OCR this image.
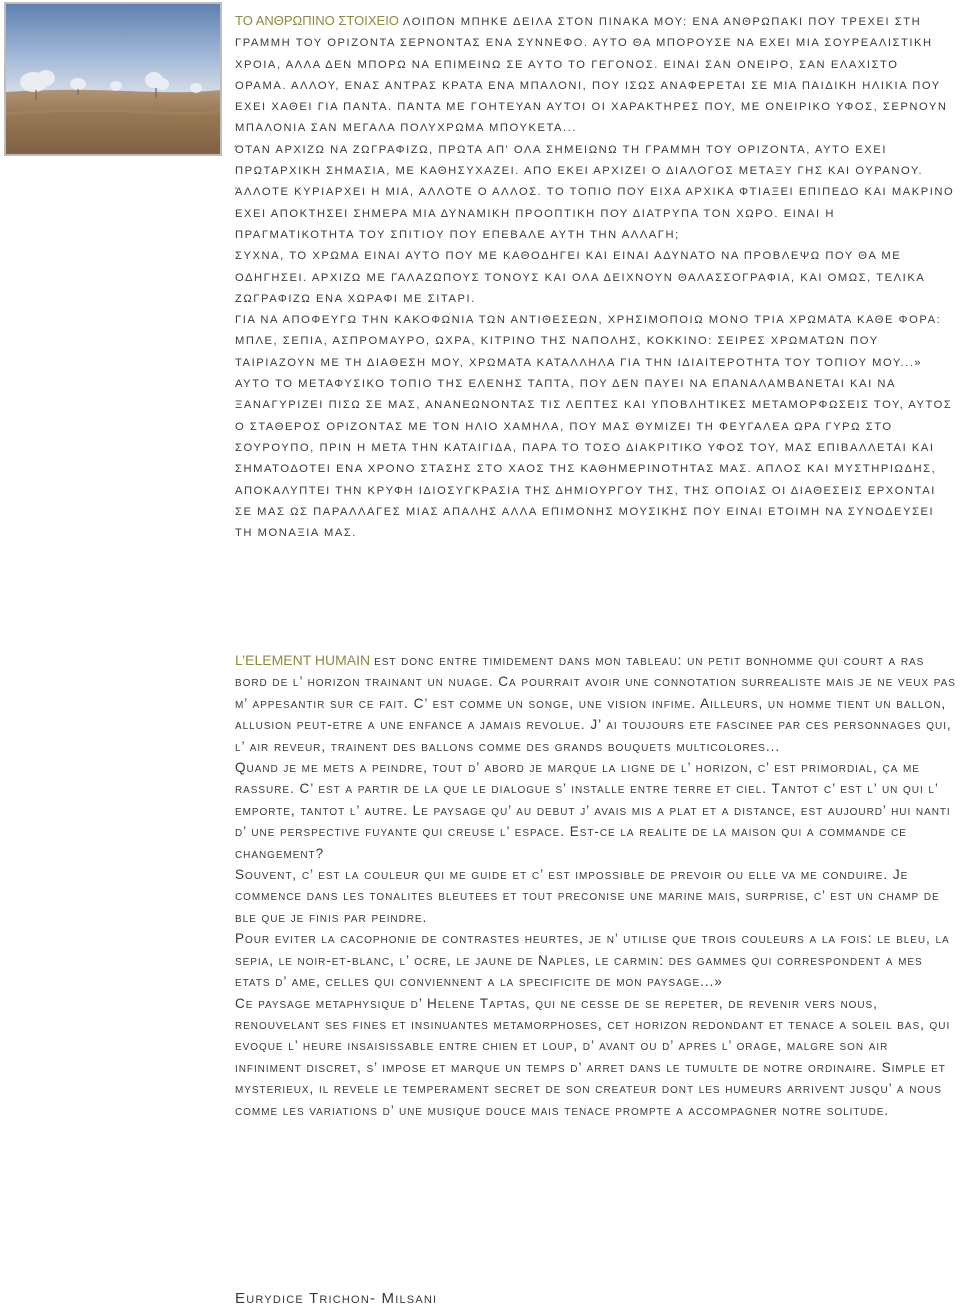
ΤΟ ΑΝΘΡΩΠΙΝΟ ΣΤΟΙΧΕΙΟ ΛΟΙΠΟΝ ΜΠΗΚΕ ΔΕΙΛΑ ΣΤΟΝ ΠΙΝΑΚΑ ΜΟΥ: ΕΝΑ ΑΝΘΡΩΠΑΚΙ ΠΟΥ ΤΡΕΧΕΙ ΣΤΗ ΓΡΑΜΜΗ ΤΟΥ ΟΡΙΖΟΝΤΑ ΣΕΡΝΟΝΤΑΣ ΕΝΑ ΣΥΝΝΕΦΟ. ΑΥΤΟ ΘΑ ΜΠΟΡΟΥΣΕ ΝΑ ΕΧΕΙ ΜΙΑ ΣΟΥΡΕΑΛΙΣΤΙΚΗ ΧΡΟΙΑ, ΑΛΛΑ ΔΕΝ ΜΠΟΡΩ ΝΑ ΕΠΙΜΕΙΝΩ ΣΕ ΑΥΤΟ ΤΟ ΓΕΓΟΝΟΣ. ΕΙΝΑΙ ΣΑΝ ΟΝΕΙΡΟ, ΣΑΝ ΕΛΑΧΙΣΤΟ ΟΡΑΜΑ. ΑΛΛΟΥ, ΕΝΑΣ ΑΝΤΡΑΣ ΚΡΑΤΑ ΕΝΑ ΜΠΑΛΟΝΙ, ΠΟΥ ΙΣΩΣ ΑΝΑΦΕΡΕΤΑΙ ΣΕ ΜΙΑ ΠΑΙΔΙΚΗ ΗΛΙΚΙΑ ΠΟΥ ΕΧΕΙ ΧΑΘΕΙ ΓΙΑ ΠΑΝΤΑ. ΠΑΝΤΑ ΜΕ ΓΟΗΤΕΥΑΝ ΑΥΤΟΙ ΟΙ ΧΑΡΑΚΤΗΡΕΣ ΠΟΥ, ΜΕ ΟΝΕΙΡΙΚΟ ΥΦΟΣ, ΣΕΡΝΟΥΝ ΜΠΑΛΟΝΙΑ ΣΑΝ ΜΕΓΑΛΑ ΠΟΛΥΧΡΩΜΑ ΜΠΟΥΚΕΤΑ...

ΌΤΑΝ ΑΡΧΙΖΩ ΝΑ ΖΩΓΡΑΦΙΖΩ, ΠΡΩΤΑ ΑΠ' ΟΛΑ ΣΗΜΕΙΩΝΩ ΤΗ ΓΡΑΜΜΗ ΤΟΥ ΟΡΙΖΟΝΤΑ, ΑΥΤΟ ΕΧΕΙ ΠΡΩΤΑΡΧΙΚΗ ΣΗΜΑΣΙΑ, ΜΕ ΚΑΘΗΣΥΧΑΖΕΙ. ΑΠΟ ΕΚΕΙ ΑΡΧΙΖΕΙ Ο ΔΙΑΛΟΓΟΣ ΜΕΤΑΞΥ ΓΗΣ ΚΑΙ ΟΥΡΑΝΟΥ. ΆΛΛΟΤΕ ΚΥΡΙΑΡΧΕΙ Η ΜΙΑ, ΑΛΛΟΤΕ Ο ΑΛΛΟΣ. ΤΟ ΤΟΠΙΟ ΠΟΥ ΕΙΧΑ ΑΡΧΙΚΑ ΦΤΙΑΞΕΙ ΕΠΙΠΕΔΟ ΚΑΙ ΜΑΚΡΙΝΟ ΕΧΕΙ ΑΠΟΚΤΗΣΕΙ ΣΗΜΕΡΑ ΜΙΑ ΔΥΝΑΜΙΚΗ ΠΡΟΟΠΤΙΚΗ ΠΟΥ ΔΙΑΤΡΥΠΑ ΤΟΝ ΧΩΡΟ. ΕΙΝΑΙ Η ΠΡΑΓΜΑΤΙΚΟΤΗΤΑ ΤΟΥ ΣΠΙΤΙΟΥ ΠΟΥ ΕΠΕΒΑΛΕ ΑΥΤΗ ΤΗΝ ΑΛΛΑΓΗ;

ΣΥΧΝΑ, ΤΟ ΧΡΩΜΑ ΕΙΝΑΙ ΑΥΤΟ ΠΟΥ ΜΕ ΚΑΘΟΔΗΓΕΙ ΚΑΙ ΕΙΝΑΙ ΑΔΥΝΑΤΟ ΝΑ ΠΡΟΒΛΕΨΩ ΠΟΥ ΘΑ ΜΕ ΟΔΗΓΗΣΕΙ. ΑΡΧΙΖΩ ΜΕ ΓΑΛΑΖΩΠΟΥΣ ΤΟΝΟΥΣ ΚΑΙ ΟΛΑ ΔΕΙΧΝΟΥΝ ΘΑΛΑΣΣΟΓΡΑΦΙΑ, ΚΑΙ ΟΜΩΣ, ΤΕΛΙΚΑ ΖΩΓΡΑΦΙΖΩ ΕΝΑ ΧΩΡΑΦΙ ΜΕ ΣΙΤΑΡΙ.

ΓΙΑ ΝΑ ΑΠΟΦΕΥΓΩ ΤΗΝ ΚΑΚΟΦΩΝΙΑ ΤΩΝ ΑΝΤΙΘΕΣΕΩΝ, ΧΡΗΣΙΜΟΠΟΙΩ ΜΟΝΟ ΤΡΙΑ ΧΡΩΜΑΤΑ ΚΑΘΕ ΦΟΡΑ: ΜΠΛΕ, ΣΕΠΙΑ, ΑΣΠΡΟΜΑΥΡΟ, ΩΧΡΑ, ΚΙΤΡΙΝΟ ΤΗΣ ΝΑΠΟΛΗΣ, ΚΟΚΚΙΝΟ: ΣΕΙΡΕΣ ΧΡΩΜΑΤΩΝ ΠΟΥ ΤΑΙΡΙΑΖΟΥΝ ΜΕ ΤΗ ΔΙΑΘΕΣΗ ΜΟΥ, ΧΡΩΜΑΤΑ ΚΑΤΑΛΛΗΛΑ ΓΙΑ ΤΗΝ ΙΔΙΑΙΤΕΡΟΤΗΤΑ ΤΟΥ ΤΟΠΙΟΥ ΜΟΥ...»

ΑΥΤΟ ΤΟ ΜΕΤΑΦΥΣΙΚΟ ΤΟΠΙΟ ΤΗΣ ΕΛΕΝΗΣ ΤΑΠΤΑ, ΠΟΥ ΔΕΝ ΠΑΥΕΙ ΝΑ ΕΠΑΝΑΛΑΜΒΑΝΕΤΑΙ ΚΑΙ ΝΑ ΞΑΝΑΓΥΡΙΖΕΙ ΠΙΣΩ ΣΕ ΜΑΣ, ΑΝΑΝΕΩΝΟΝΤΑΣ ΤΙΣ ΛΕΠΤΕΣ ΚΑΙ ΥΠΟΒΛΗΤΙΚΕΣ ΜΕΤΑΜΟΡΦΩΣΕΙΣ ΤΟΥ, ΑΥΤΟΣ Ο ΣΤΑΘΕΡΟΣ ΟΡΙΖΟΝΤΑΣ ΜΕ ΤΟΝ ΗΛΙΟ ΧΑΜΗΛΑ, ΠΟΥ ΜΑΣ ΘΥΜΙΖΕΙ ΤΗ ΦΕΥΓΑΛΕΑ ΩΡΑ ΓΥΡΩ ΣΤΟ ΣΟΥΡΟΥΠΟ, ΠΡΙΝ Η ΜΕΤΑ ΤΗΝ ΚΑΤΑΙΓΙΔΑ, ΠΑΡΑ ΤΟ ΤΟΣΟ ΔΙΑΚΡΙΤΙΚΟ ΥΦΟΣ ΤΟΥ, ΜΑΣ ΕΠΙΒΑΛΛΕΤΑΙ ΚΑΙ ΣΗΜΑΤΟΔΟΤΕΙ ΕΝΑ ΧΡΟΝΟ ΣΤΑΣΗΣ ΣΤΟ ΧΑΟΣ ΤΗΣ ΚΑΘΗΜΕΡΙΝΟΤΗΤΑΣ ΜΑΣ. ΑΠΛΟΣ ΚΑΙ ΜΥΣΤΗΡΙΩΔΗΣ, ΑΠΟΚΑΛΥΠΤΕΙ ΤΗΝ ΚΡΥΦΗ ΙΔΙΟΣΥΓΚΡΑΣΙΑ ΤΗΣ ΔΗΜΙΟΥΡΓΟΥ ΤΗΣ, ΤΗΣ ΟΠΟΙΑΣ ΟΙ ΔΙΑΘΕΣΕΙΣ ΕΡΧΟΝΤΑΙ ΣΕ ΜΑΣ ΩΣ ΠΑΡΑΛΛΑΓΕΣ ΜΙΑΣ ΑΠΑΛΗΣ ΑΛΛΑ ΕΠΙΜΟΝΗΣ ΜΟΥΣΙΚΗΣ ΠΟΥ ΕΙΝΑΙ ΕΤΟΙΜΗ ΝΑ ΣΥΝΟΔΕΥΣΕΙ ΤΗ ΜΟΝΑΞΙΑ ΜΑΣ.

L’ELEMENT HUMAIN est donc entre timidement dans mon tableau: un petit bonhomme qui court a ras bord de l’ horizon trainant un nuage. Ca pourrait avoir une connotation surrealiste mais je ne veux pas m’ appesantir sur ce fait. C’ est comme un songe, une vision infime. Ailleurs, un homme tient un ballon, allusion peut-etre a une enfance a jamais revolue. J’ ai toujours ete fascinee par ces personnages qui, l’ air reveur, trainent des ballons comme des grands bouquets multicolores...

Quand je me mets a peindre, tout d’ abord je marque la ligne de l’ horizon, c’ est primordial, ça me rassure. C’ est a partir de la que le dialogue s’ installe entre terre et ciel. Tantot c’ est l’ un qui l’ emporte, tantot l’ autre. Le paysage qu’ au debut j’ avais mis a plat et a distance, est aujourd’ hui nanti d’ une perspective fuyante qui creuse l’ espace. Est-ce la realite de la maison qui a commande ce changement?

Souvent, c’ est la couleur qui me guide et c’ est impossible de prevoir ou elle va me conduire. Je commence dans les tonalites bleutees et tout preconise une marine mais, surprise, c’ est un champ de ble que je finis par peindre.

Pour eviter la cacophonie de contrastes heurtes, je n’ utilise que trois couleurs a la fois: le bleu, la sepia, le noir-et-blanc, l’ ocre, le jaune de Naples, le carmin: des gammes qui correspondent a mes etats d’ ame, celles qui conviennent a la specificite de mon paysage...»

Ce paysage metaphysique d’ Helene Taptas, qui ne cesse de se repeter, de revenir vers nous, renouvelant ses fines et insinuantes metamorphoses, cet horizon redondant et tenace a soleil bas, qui evoque l’ heure insaisissable entre chien et loup, d’ avant ou d’ apres l’ orage, malgre son air infiniment discret, s’ impose et marque un temps d’ arret dans le tumulte de notre ordinaire. Simple et mysterieux, il revele le temperament secret de son createur dont les humeurs arrivent jusqu’ a nous comme les variations d’ une musique douce mais tenace prompte a accompagner notre solitude.

Eurydice Trichon- Milsani
